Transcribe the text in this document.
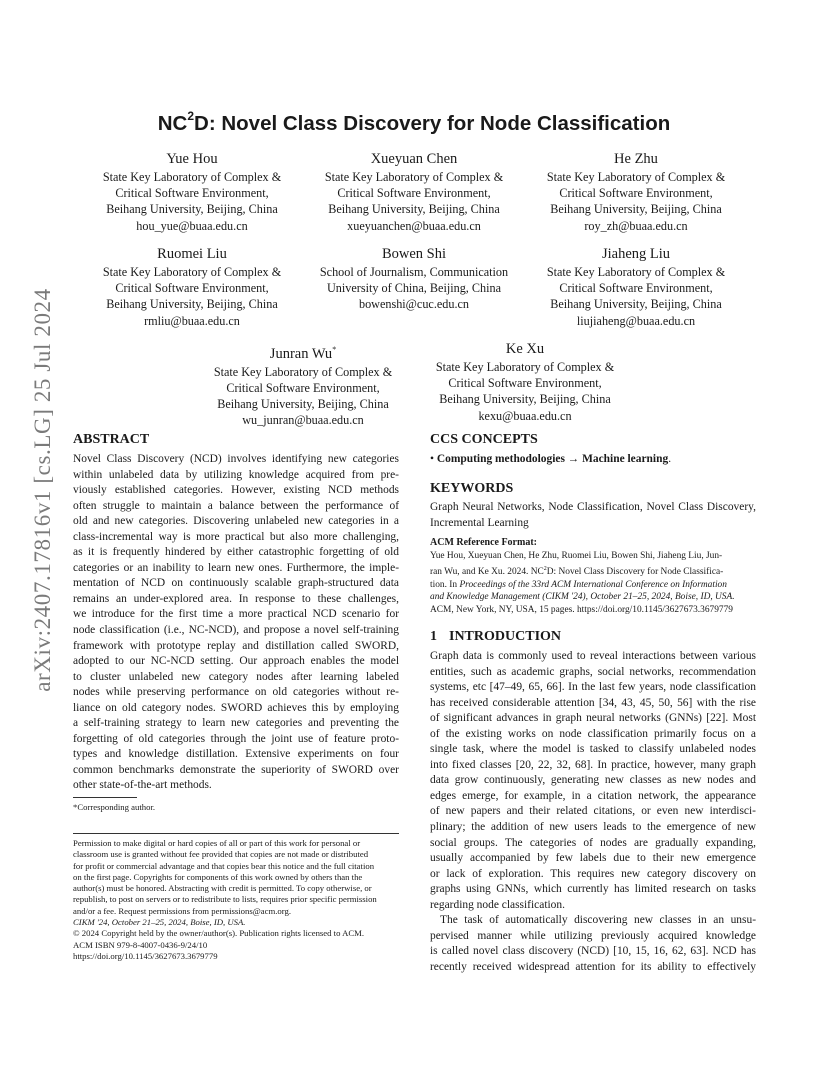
arXiv:2407.17816v1 [cs.LG] 25 Jul 2024
$NC^2D$: Novel Class Discovery for Node Classification
Yue Hou
State Key Laboratory of Complex &
Critical Software Environment,
Beihang University, Beijing, China
hou_yue@buaa.edu.cn
Xueyuan Chen
State Key Laboratory of Complex &
Critical Software Environment,
Beihang University, Beijing, China
xueyuanchen@buaa.edu.cn
He Zhu
State Key Laboratory of Complex &
Critical Software Environment,
Beihang University, Beijing, China
roy_zh@buaa.edu.cn
Ruomei Liu
State Key Laboratory of Complex &
Critical Software Environment,
Beihang University, Beijing, China
rmliu@buaa.edu.cn
Bowen Shi
School of Journalism, Communication
University of China, Beijing, China
bowenshi@cuc.edu.cn
Jiaheng Liu
State Key Laboratory of Complex &
Critical Software Environment,
Beihang University, Beijing, China
liujiaheng@buaa.edu.cn
Junran Wu*
State Key Laboratory of Complex &
Critical Software Environment,
Beihang University, Beijing, China
wu_junran@buaa.edu.cn
Ke Xu
State Key Laboratory of Complex &
Critical Software Environment,
Beihang University, Beijing, China
kexu@buaa.edu.cn
ABSTRACT
Novel Class Discovery (NCD) involves identifying new categories
within unlabeled data by utilizing knowledge acquired from pre-
viously established categories. However, existing NCD methods
often struggle to maintain a balance between the performance of
old and new categories. Discovering unlabeled new categories in a
class-incremental way is more practical but also more challenging,
as it is frequently hindered by either catastrophic forgetting of old
categories or an inability to learn new ones. Furthermore, the imple-
mentation of NCD on continuously scalable graph-structured data
remains an under-explored area. In response to these challenges,
we introduce for the first time a more practical NCD scenario for
node classification (i.e., NC-NCD), and propose a novel self-training
framework with prototype replay and distillation called SWORD,
adopted to our NC-NCD setting. Our approach enables the model
to cluster unlabeled new category nodes after learning labeled
nodes while preserving performance on old categories without re-
liance on old category nodes. SWORD achieves this by employing
a self-training strategy to learn new categories and preventing the
forgetting of old categories through the joint use of feature proto-
types and knowledge distillation. Extensive experiments on four
common benchmarks demonstrate the superiority of SWORD over
other state-of-the-art methods.

*Corresponding author.

Permission to make digital or hard copies of all or part of this work for personal or
classroom use is granted without fee provided that copies are not made or distributed
for profit or commercial advantage and that copies bear this notice and the full citation
on the first page. Copyrights for components of this work owned by others than the
author(s) must be honored. Abstracting with credit is permitted. To copy otherwise, or
republish, to post on servers or to redistribute to lists, requires prior specific permission
and/or a fee. Request permissions from permissions@acm.org.
CIKM '24, October 21–25, 2024, Boise, ID, USA.
© 2024 Copyright held by the owner/author(s). Publication rights licensed to ACM.
ACM ISBN 979-8-4007-0436-9/24/10
https://doi.org/10.1145/3627673.3679779
CCS CONCEPTS
• Computing methodologies → Machine learning.
KEYWORDS
Graph Neural Networks, Node Classification, Novel Class Discovery,
Incremental Learning
ACM Reference Format:
Yue Hou, Xueyuan Chen, He Zhu, Ruomei Liu, Bowen Shi, Jiaheng Liu, Jun-
ran Wu, and Ke Xu. 2024. $NC^2D$: Novel Class Discovery for Node Classifica-
tion. In Proceedings of the 33rd ACM International Conference on Information
and Knowledge Management (CIKM '24), October 21–25, 2024, Boise, ID, USA.
ACM, New York, NY, USA, 15 pages. https://doi.org/10.1145/3627673.3679779
1 INTRODUCTION
Graph data is commonly used to reveal interactions between various
entities, such as academic graphs, social networks, recommendation
systems, etc [47–49, 65, 66]. In the last few years, node classification
has received considerable attention [34, 43, 45, 50, 56] with the rise
of significant advances in graph neural networks (GNNs) [22]. Most
of the existing works on node classification primarily focus on a
single task, where the model is tasked to classify unlabeled nodes
into fixed classes [20, 22, 32, 68]. In practice, however, many graph
data grow continuously, generating new classes as new nodes and
edges emerge, for example, in a citation network, the appearance
of new papers and their related citations, or even new interdisci-
plinary; the addition of new users leads to the emergence of new
social groups. The categories of nodes are gradually expanding,
usually accompanied by few labels due to their new emergence
or lack of exploration. This requires new category discovery on
graphs using GNNs, which currently has limited research on tasks
regarding node classification.
The task of automatically discovering new classes in an unsu-
pervised manner while utilizing previously acquired knowledge
is called novel class discovery (NCD) [10, 15, 16, 62, 63]. NCD has
recently received widespread attention for its ability to effectively
